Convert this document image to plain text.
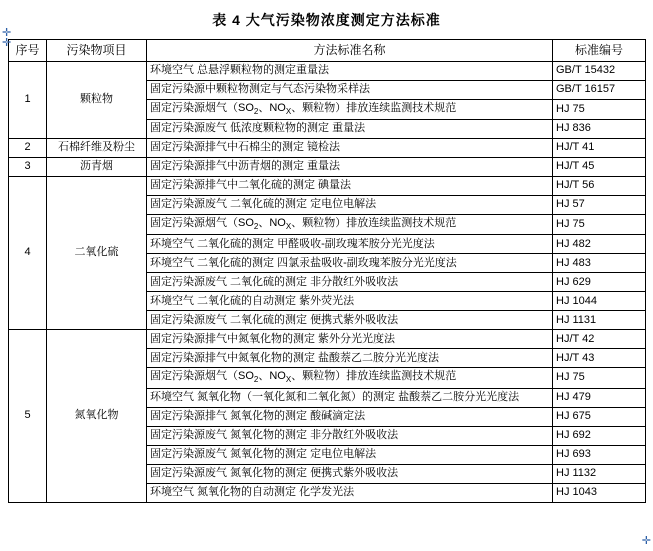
✛
✛
✛
表 4 大气污染物浓度测定方法标准
序号	污染物项目	方法标准名称	标准编号
1	颗粒物	环境空气 总悬浮颗粒物的测定重量法	GB/T 15432
		固定污染源中颗粒物测定与气态污染物采样法	GB/T 16157
		固定污染源烟气（$SO_2$、$NO_X$、颗粒物）排放连续监测技术规范	HJ 75
		固定污染源废气 低浓度颗粒物的测定 重量法	HJ 836
2	石棉纤维及粉尘	固定污染源排气中石棉尘的测定 镜检法	HJ/T 41
3	沥青烟	固定污染源排气中沥青烟的测定 重量法	HJ/T 45
4	二氧化硫	固定污染源排气中二氧化硫的测定 碘量法	HJ/T 56
		固定污染源废气 二氧化硫的测定 定电位电解法	HJ 57
		固定污染源烟气（$SO_2$、$NO_X$、颗粒物）排放连续监测技术规范	HJ 75
		环境空气 二氧化硫的测定 甲醛吸收-副玫瑰苯胺分光光度法	HJ 482
		环境空气 二氧化硫的测定 四氯汞盐吸收-副玫瑰苯胺分光光度法	HJ 483
		固定污染源废气 二氧化硫的测定 非分散红外吸收法	HJ 629
		环境空气 二氧化硫的自动测定 紫外荧光法	HJ 1044
		固定污染源废气 二氧化硫的测定 便携式紫外吸收法	HJ 1131
5	氮氧化物	固定污染源排气中氮氧化物的测定 紫外分光光度法	HJ/T 42
		固定污染源排气中氮氧化物的测定 盐酸萘乙二胺分光光度法	HJ/T 43
		固定污染源烟气（$SO_2$、$NO_X$、颗粒物）排放连续监测技术规范	HJ 75
		环境空气 氮氧化物（一氧化氮和二氧化氮）的测定 盐酸萘乙二胺分光光度法	HJ 479
		固定污染源排气 氮氧化物的测定 酸碱滴定法	HJ 675
		固定污染源废气 氮氧化物的测定 非分散红外吸收法	HJ 692
		固定污染源废气 氮氧化物的测定 定电位电解法	HJ 693
		固定污染源废气 氮氧化物的测定 便携式紫外吸收法	HJ 1132
		环境空气 氮氧化物的自动测定 化学发光法	HJ 1043
